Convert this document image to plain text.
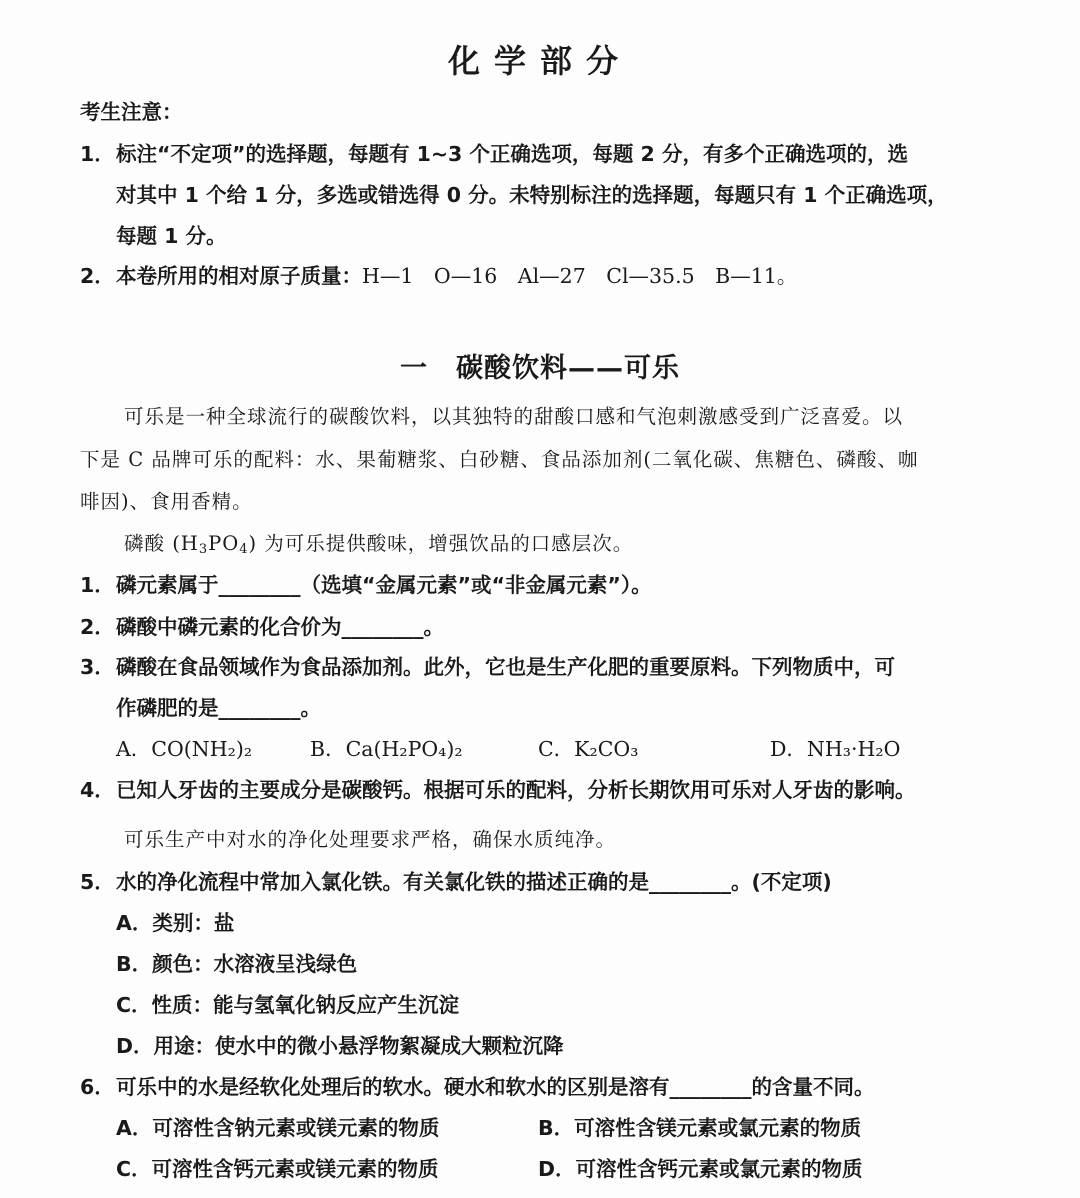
化学部分
考生注意：
1．标注“不定项”的选择题，每题有 1~3 个正确选项，每题 2 分，有多个正确选项的，选
对其中 1 个给 1 分，多选或错选得 0 分。未特别标注的选择题，每题只有 1 个正确选项，
每题 1 分。
2．本卷所用的相对原子质量：H—1　O—16　Al—27　Cl—35.5　B—11。
一　碳酸饮料——可乐
可乐是一种全球流行的碳酸饮料，以其独特的甜酸口感和气泡刺激感受到广泛喜爱。以
下是 C 品牌可乐的配料：水、果葡糖浆、白砂糖、食品添加剂(二氧化碳、焦糖色、磷酸、咖
啡因)、食用香精。
磷酸 $(H_3PO_4)$ 为可乐提供酸味，增强饮品的口感层次。
1．磷元素属于________（选填“金属元素”或“非金属元素”）。
2．磷酸中磷元素的化合价为________。
3．磷酸在食品领域作为食品添加剂。此外，它也是生产化肥的重要原料。下列物质中，可
作磷肥的是________。
A．CO(NH₂)₂	B．Ca(H₂PO₄)₂	C．K₂CO₃	D．NH₃·H₂O
4．已知人牙齿的主要成分是碳酸钙。根据可乐的配料，分析长期饮用可乐对人牙齿的影响。
可乐生产中对水的净化处理要求严格，确保水质纯净。
5．水的净化流程中常加入氯化铁。有关氯化铁的描述正确的是________。(不定项)
A．类别：盐
B．颜色：水溶液呈浅绿色
C．性质：能与氢氧化钠反应产生沉淀
D．用途：使水中的微小悬浮物絮凝成大颗粒沉降
6．可乐中的水是经软化处理后的软水。硬水和软水的区别是溶有________的含量不同。
A．可溶性含钠元素或镁元素的物质	B．可溶性含镁元素或氯元素的物质
C．可溶性含钙元素或镁元素的物质	D．可溶性含钙元素或氯元素的物质
